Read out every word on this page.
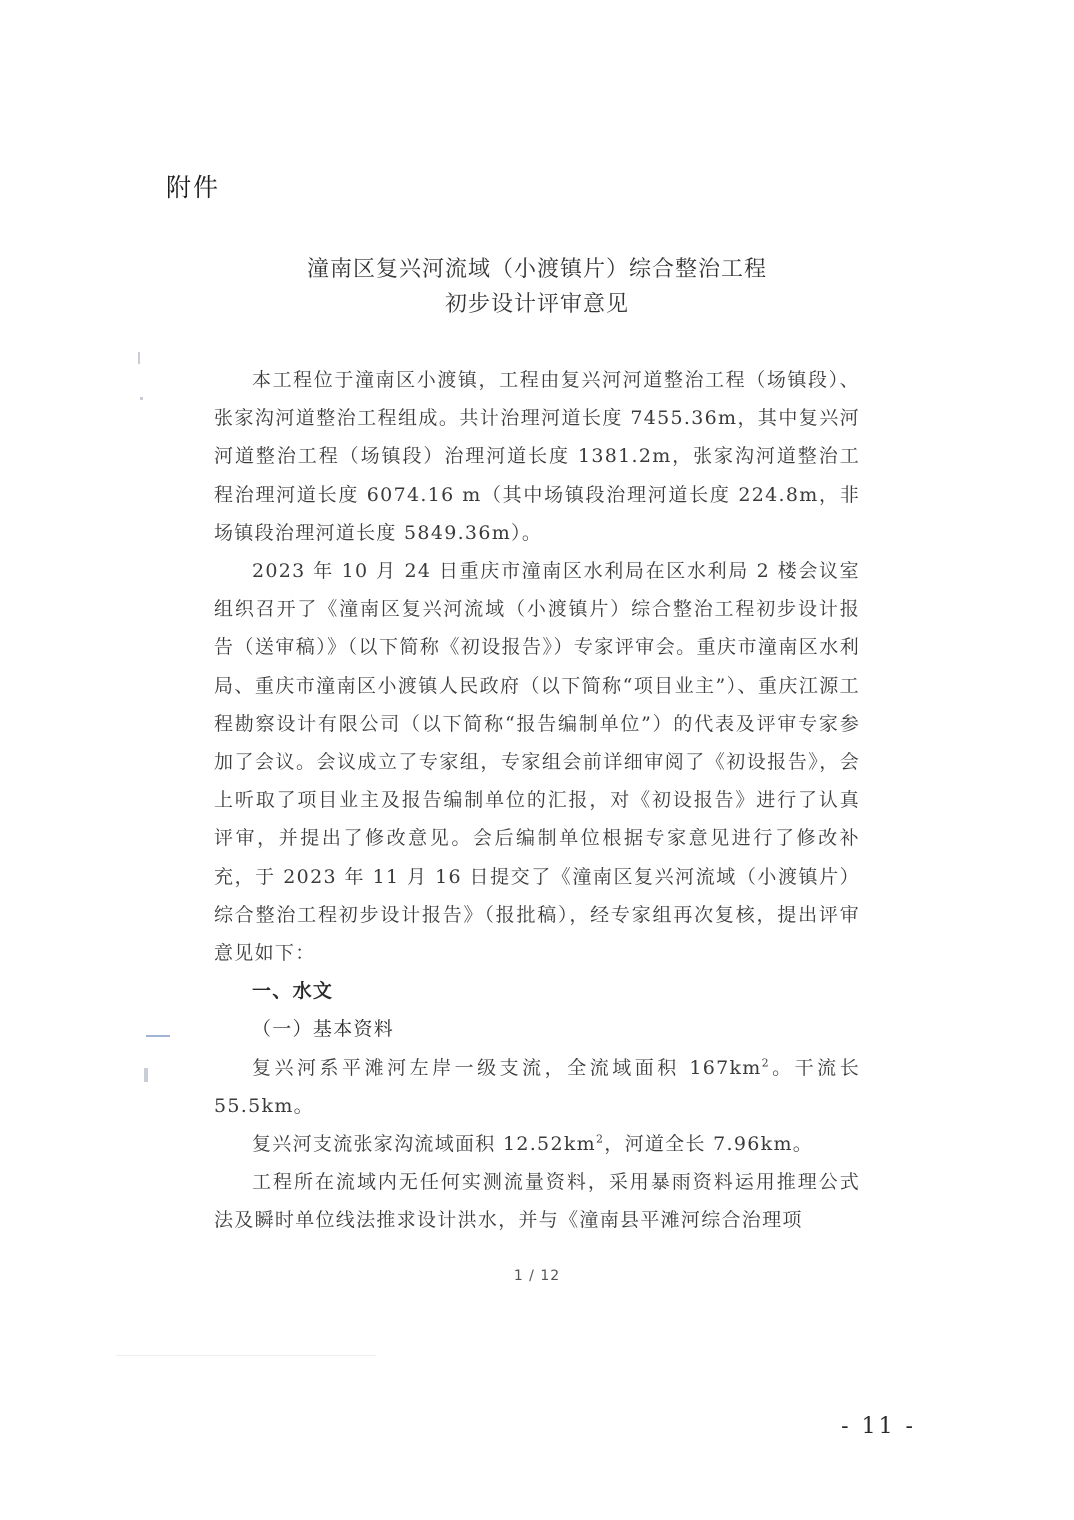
附件
潼南区复兴河流域（小渡镇片）综合整治工程
初步设计评审意见

本工程位于潼南区小渡镇，工程由复兴河河道整治工程（场镇段）、张家沟河道整治工程组成。共计治理河道长度 7455.36m，其中复兴河河道整治工程（场镇段）治理河道长度 1381.2m，张家沟河道整治工程治理河道长度 6074.16 m（其中场镇段治理河道长度 224.8m，非场镇段治理河道长度 5849.36m）。

2023 年 10 月 24 日重庆市潼南区水利局在区水利局 2 楼会议室组织召开了《潼南区复兴河流域（小渡镇片）综合整治工程初步设计报告（送审稿）》（以下简称《初设报告》）专家评审会。重庆市潼南区水利局、重庆市潼南区小渡镇人民政府（以下简称“项目业主”）、重庆江源工程勘察设计有限公司（以下简称“报告编制单位”）的代表及评审专家参加了会议。会议成立了专家组，专家组会前详细审阅了《初设报告》，会上听取了项目业主及报告编制单位的汇报，对《初设报告》进行了认真评审，并提出了修改意见。会后编制单位根据专家意见进行了修改补充，于 2023 年 11 月 16 日提交了《潼南区复兴河流域（小渡镇片）综合整治工程初步设计报告》（报批稿），经专家组再次复核，提出评审意见如下：

一、水文

（一）基本资料

复兴河系平滩河左岸一级支流，全流域面积 $167km^2$。干流长 55.5km。

复兴河支流张家沟流域面积 $12.52km^2$，河道全长 7.96km。

工程所在流域内无任何实测流量资料，采用暴雨资料运用推理公式法及瞬时单位线法推求设计洪水，并与《潼南县平滩河综合治理项

1 / 12
- 11 -
